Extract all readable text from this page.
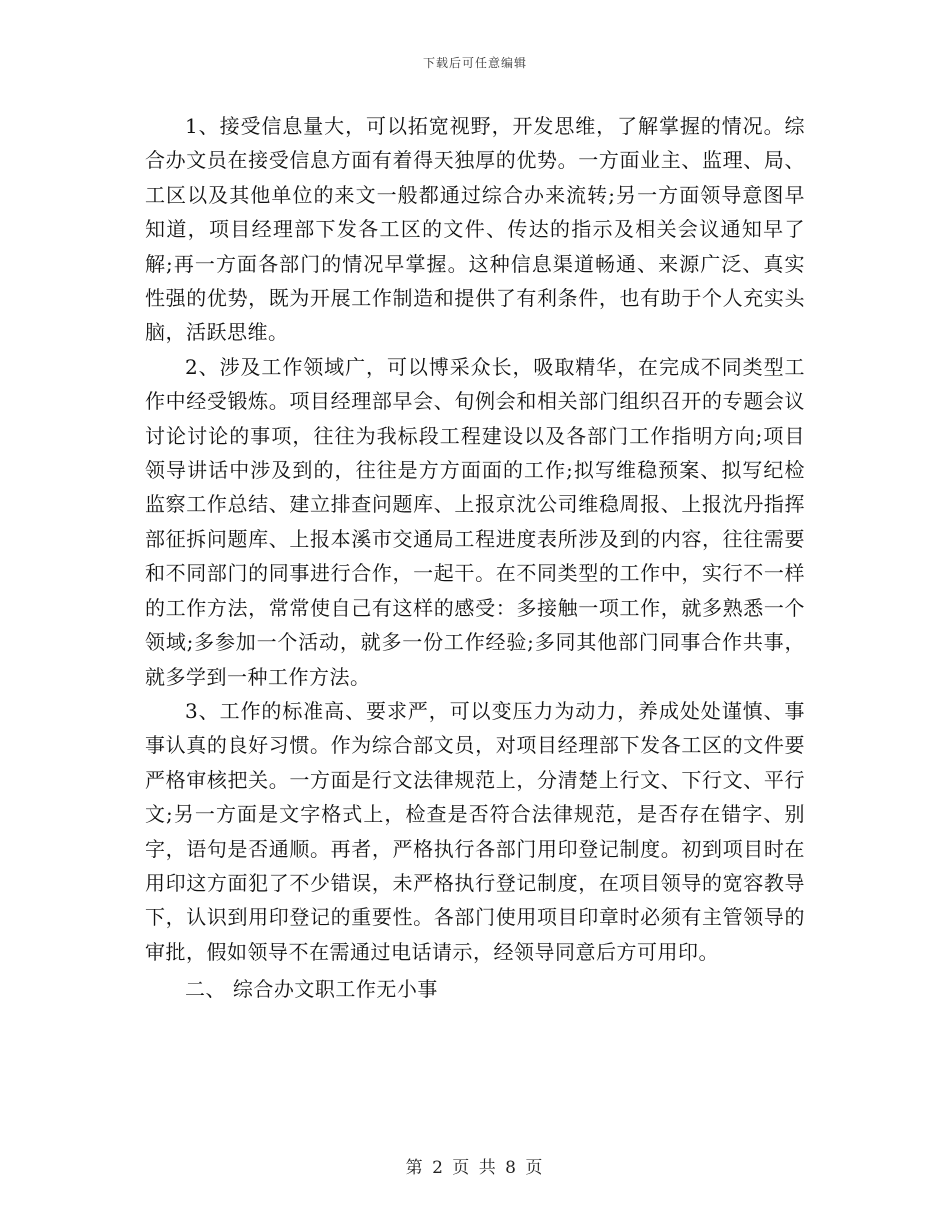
下载后可任意编辑

1、接受信息量大，可以拓宽视野，开发思维，了解掌握的情况。综合办文员在接受信息方面有着得天独厚的优势。一方面业主、监理、局、工区以及其他单位的来文一般都通过综合办来流转;另一方面领导意图早知道，项目经理部下发各工区的文件、传达的指示及相关会议通知早了解;再一方面各部门的情况早掌握。这种信息渠道畅通、来源广泛、真实性强的优势，既为开展工作制造和提供了有利条件，也有助于个人充实头脑，活跃思维。

2、涉及工作领域广，可以博采众长，吸取精华，在完成不同类型工作中经受锻炼。项目经理部早会、旬例会和相关部门组织召开的专题会议讨论讨论的事项，往往为我标段工程建设以及各部门工作指明方向;项目领导讲话中涉及到的，往往是方方面面的工作;拟写维稳预案、拟写纪检监察工作总结、建立排查问题库、上报京沈公司维稳周报、上报沈丹指挥部征拆问题库、上报本溪市交通局工程进度表所涉及到的内容，往往需要和不同部门的同事进行合作，一起干。在不同类型的工作中，实行不一样的工作方法，常常使自己有这样的感受：多接触一项工作，就多熟悉一个领域;多参加一个活动，就多一份工作经验;多同其他部门同事合作共事，就多学到一种工作方法。

3、工作的标准高、要求严，可以变压力为动力，养成处处谨慎、事事认真的良好习惯。作为综合部文员，对项目经理部下发各工区的文件要严格审核把关。一方面是行文法律规范上，分清楚上行文、下行文、平行文;另一方面是文字格式上，检查是否符合法律规范，是否存在错字、别字，语句是否通顺。再者，严格执行各部门用印登记制度。初到项目时在用印这方面犯了不少错误，未严格执行登记制度，在项目领导的宽容教导下，认识到用印登记的重要性。各部门使用项目印章时必须有主管领导的审批，假如领导不在需通过电话请示，经领导同意后方可用印。

二、 综合办文职工作无小事

第 2 页 共 8 页
